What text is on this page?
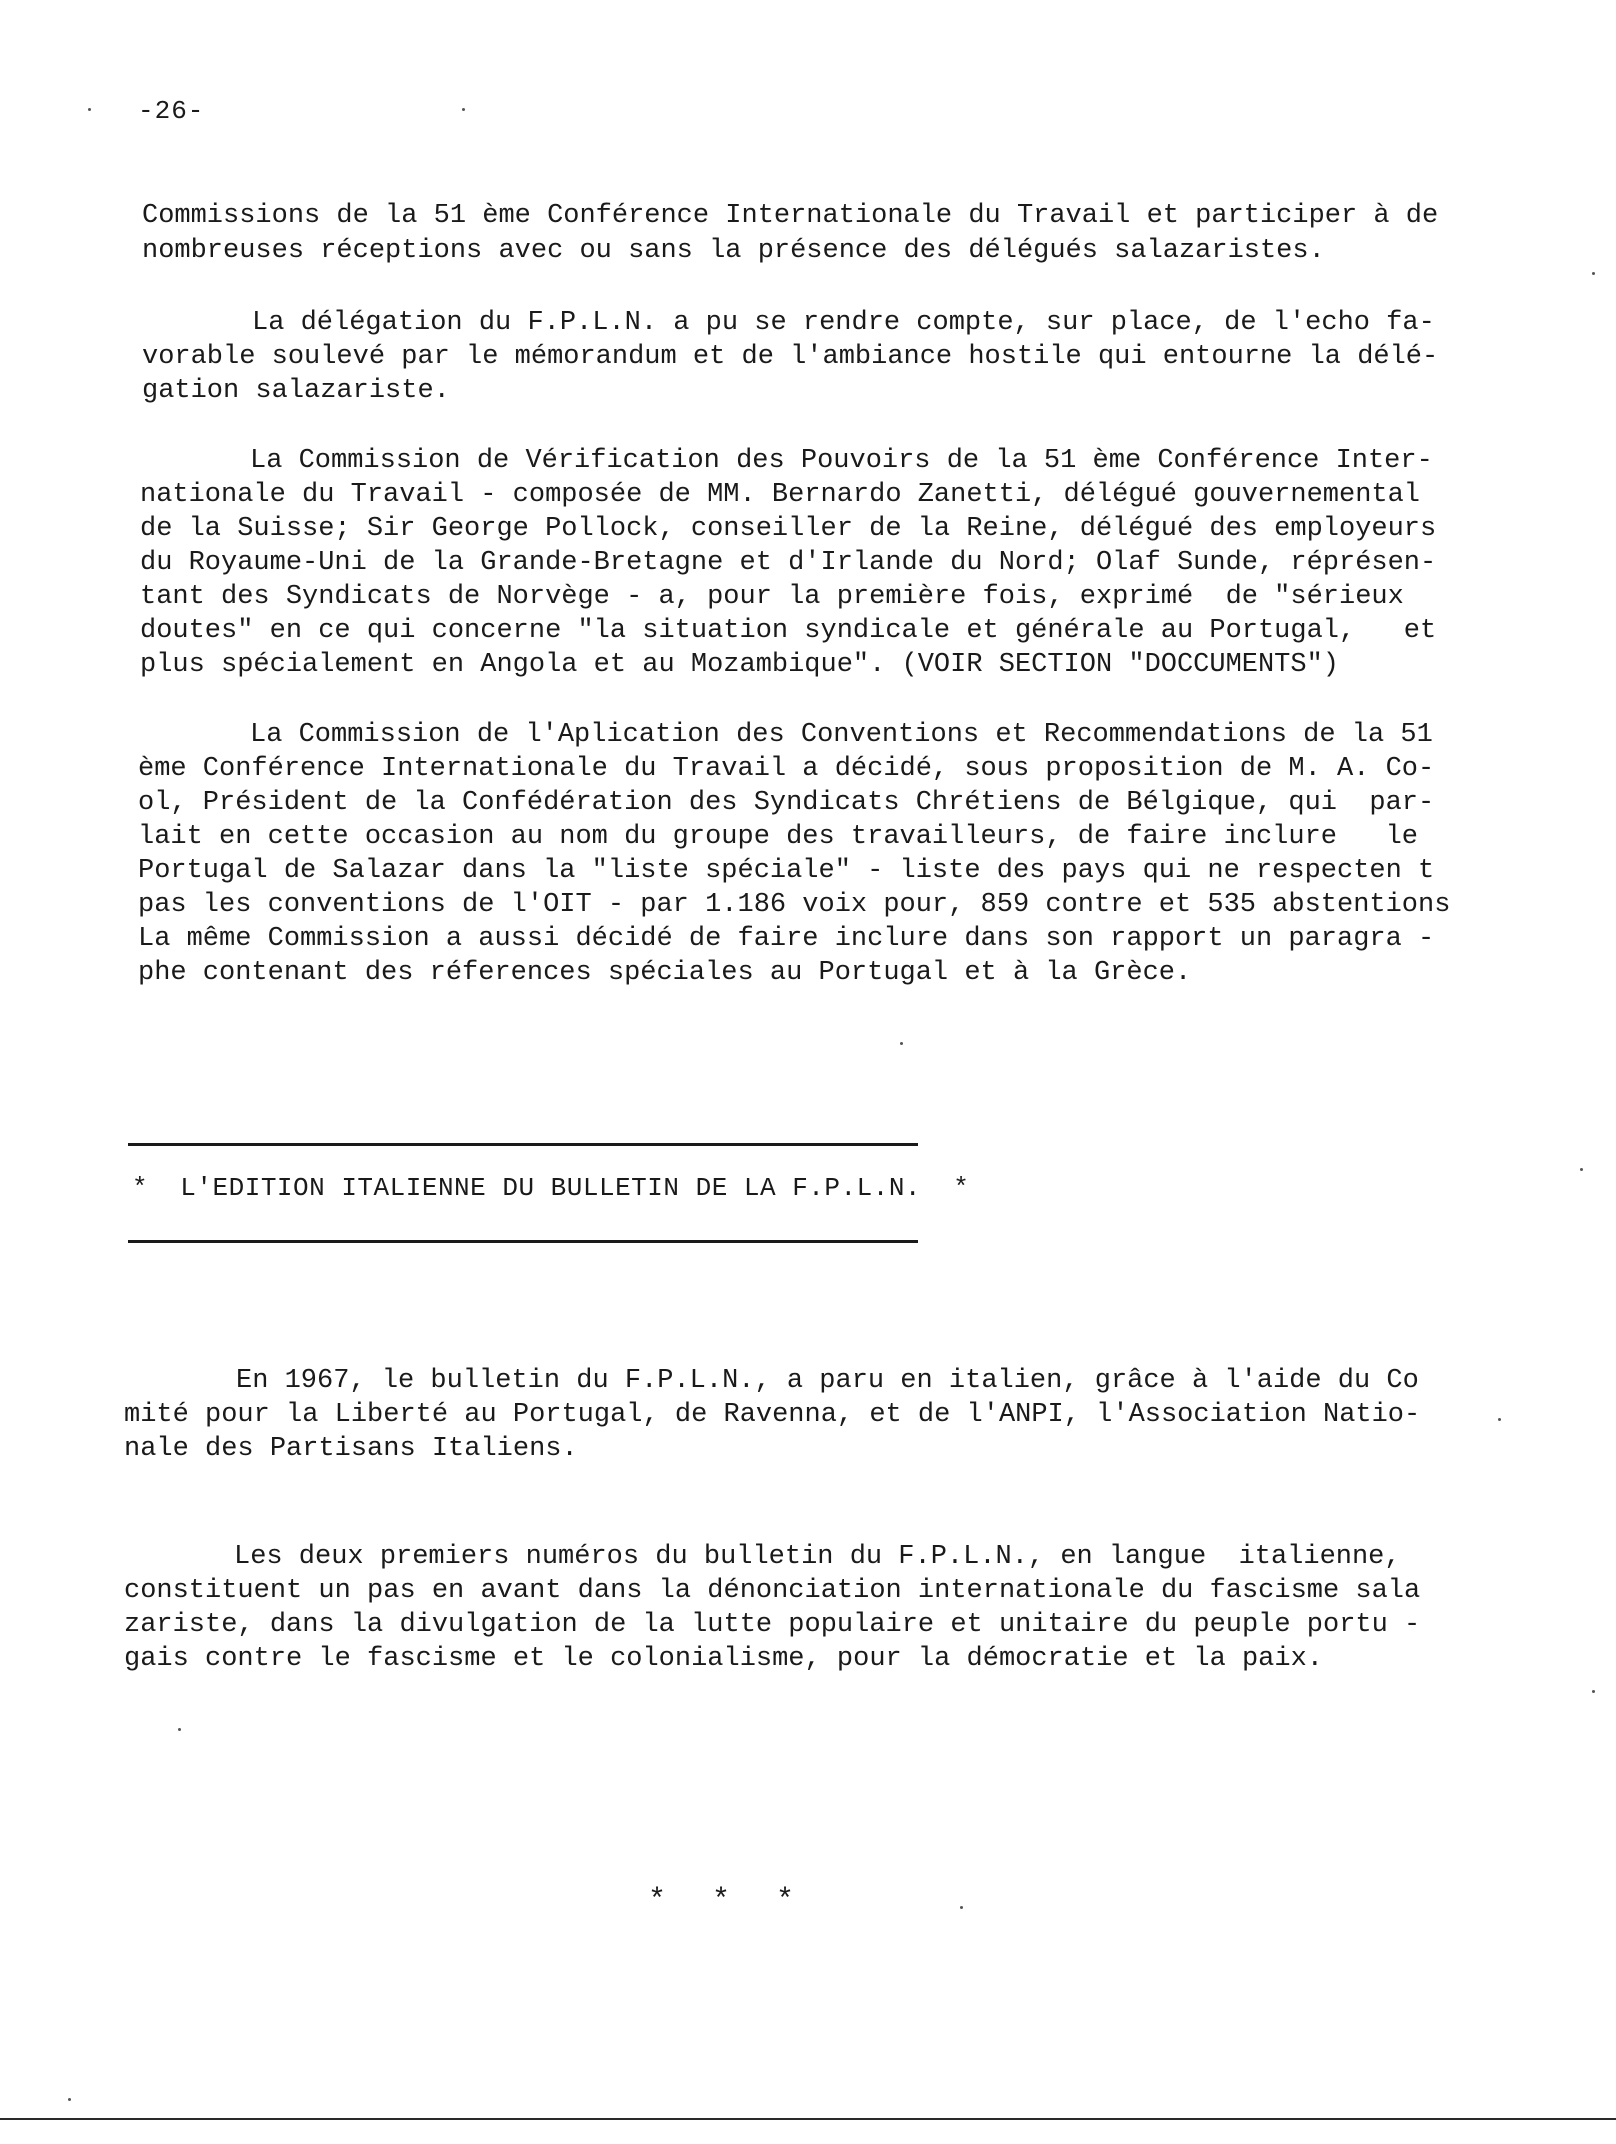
-26-
Commissions de la 51 ème Conférence Internationale du Travail et participer à de
nombreuses réceptions avec ou sans la présence des délégués salazaristes.
La délégation du F.P.L.N. a pu se rendre compte, sur place, de l'echo fa-
vorable soulevé par le mémorandum et de l'ambiance hostile qui entourne la délé-
gation salazariste.
La Commission de Vérification des Pouvoirs de la 51 ème Conférence Inter-
nationale du Travail - composée de MM. Bernardo Zanetti, délégué gouvernemental
de la Suisse; Sir George Pollock, conseiller de la Reine, délégué des employeurs
du Royaume-Uni de la Grande-Bretagne et d'Irlande du Nord; Olaf Sunde, réprésen-
tant des Syndicats de Norvège - a, pour la première fois, exprimé  de "sérieux
doutes" en ce qui concerne "la situation syndicale et générale au Portugal,   et
plus spécialement en Angola et au Mozambique". (VOIR SECTION "DOCCUMENTS")
La Commission de l'Aplication des Conventions et Recommendations de la 51
ème Conférence Internationale du Travail a décidé, sous proposition de M. A. Co-
ol, Président de la Confédération des Syndicats Chrétiens de Bélgique, qui  par-
lait en cette occasion au nom du groupe des travailleurs, de faire inclure   le
Portugal de Salazar dans la "liste spéciale" - liste des pays qui ne respecten t
pas les conventions de l'OIT - par 1.186 voix pour, 859 contre et 535 abstentions
La même Commission a aussi décidé de faire inclure dans son rapport un paragra -
phe contenant des réferences spéciales au Portugal et à la Grèce.
*  L'EDITION ITALIENNE DU BULLETIN DE LA F.P.L.N.  *
En 1967, le bulletin du F.P.L.N., a paru en italien, grâce à l'aide du Co
mité pour la Liberté au Portugal, de Ravenna, et de l'ANPI, l'Association Natio-
nale des Partisans Italiens.
Les deux premiers numéros du bulletin du F.P.L.N., en langue  italienne,
constituent un pas en avant dans la dénonciation internationale du fascisme sala
zariste, dans la divulgation de la lutte populaire et unitaire du peuple portu -
gais contre le fascisme et le colonialisme, pour la démocratie et la paix.
* * *
